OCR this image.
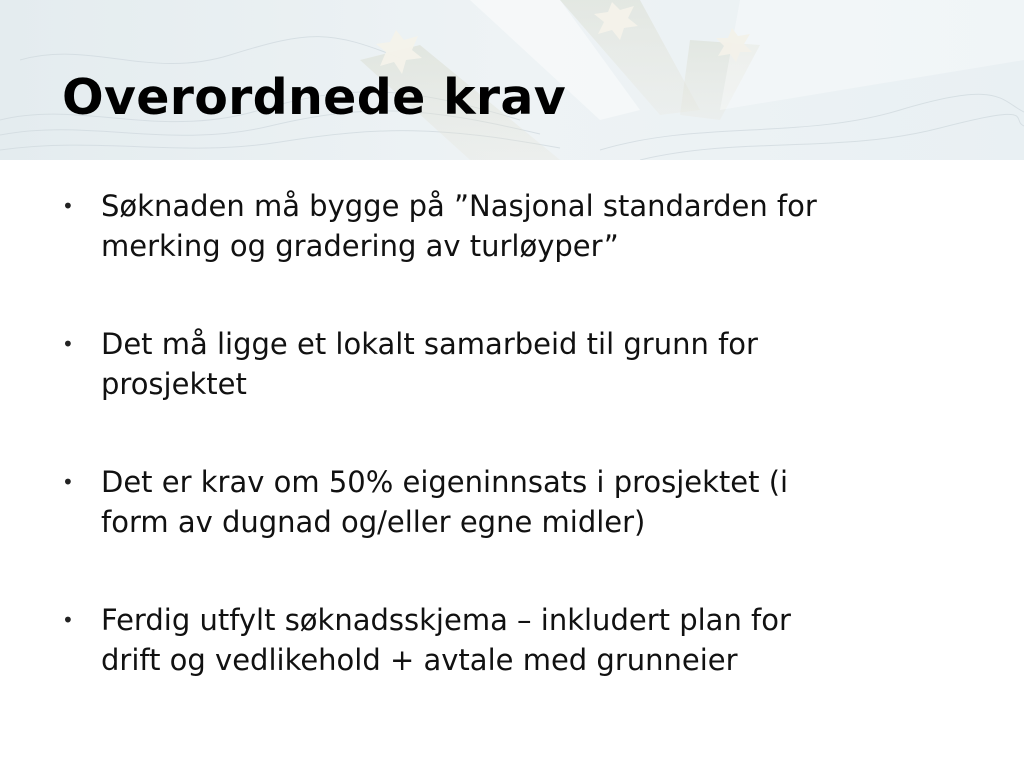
Overordnede krav
• Søknaden må bygge på ”Nasjonal standarden for
merking og gradering av turløyper”
• Det må ligge et lokalt samarbeid til grunn for
prosjektet
• Det er krav om 50% eigeninnsats i prosjektet (i
form av dugnad og/eller egne midler)
• Ferdig utfylt søknadsskjema – inkludert plan for
drift og vedlikehold + avtale med grunneier
